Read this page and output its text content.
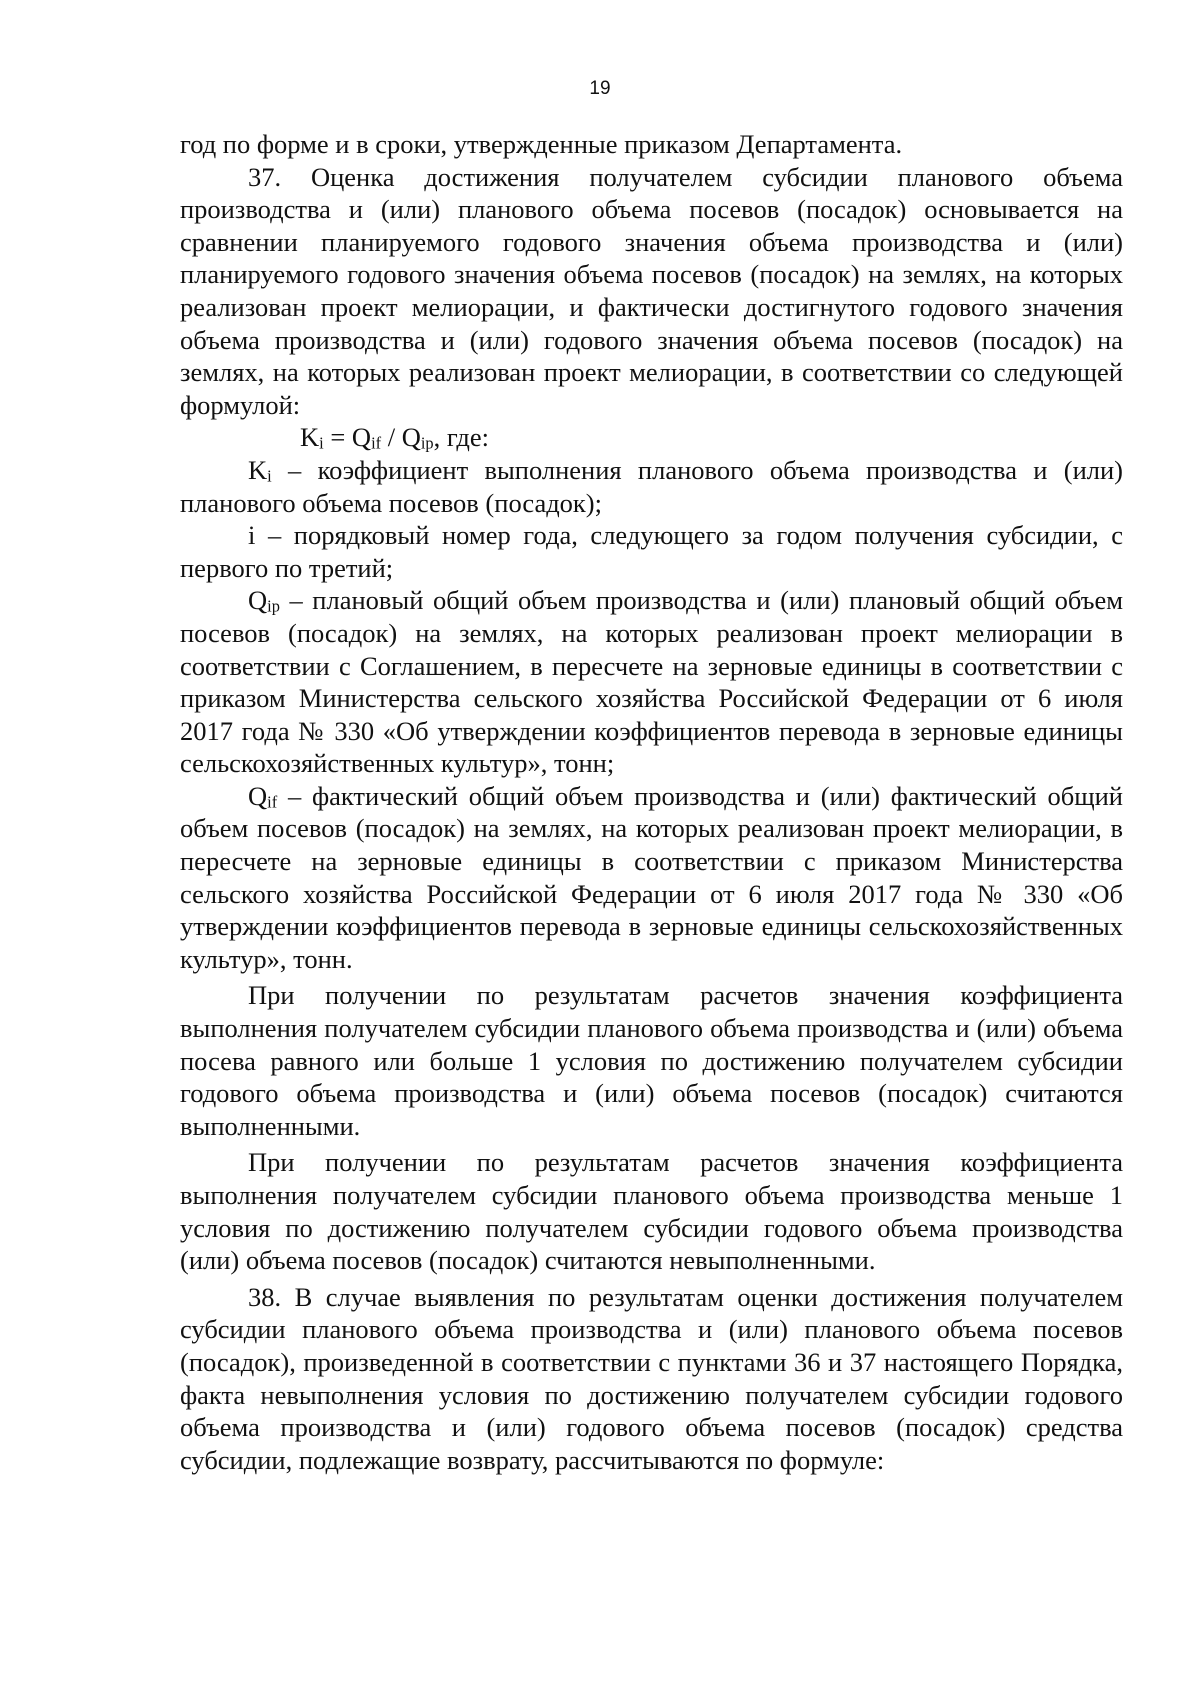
19

год по форме и в сроки, утвержденные приказом Департамента.

37. Оценка достижения получателем субсидии планового объема производства и (или) планового объема посевов (посадок) основывается на сравнении планируемого годового значения объема производства и (или) планируемого годового значения объема посевов (посадок) на землях, на которых реализован проект мелиорации, и фактически достигнутого годового значения объема производства и (или) годового значения объема посевов (посадок) на землях, на которых реализован проект мелиорации, в соответствии со следующей формулой:

$K_i = Q_{if} / Q_{ip}$, где:

$K_i$ – коэффициент выполнения планового объема производства и (или) планового объема посевов (посадок);

i – порядковый номер года, следующего за годом получения субсидии, с первого по третий;

$Q_{ip}$ – плановый общий объем производства и (или) плановый общий объем посевов (посадок) на землях, на которых реализован проект мелиорации в соответствии с Соглашением, в пересчете на зерновые единицы в соответствии с приказом Министерства сельского хозяйства Российской Федерации от 6 июля 2017 года № 330 «Об утверждении коэффициентов перевода в зерновые единицы сельскохозяйственных культур», тонн;

$Q_{if}$ – фактический общий объем производства и (или) фактический общий объем посевов (посадок) на землях, на которых реализован проект мелиорации, в пересчете на зерновые единицы в соответствии с приказом Министерства сельского хозяйства Российской Федерации от 6 июля 2017 года № 330 «Об утверждении коэффициентов перевода в зерновые единицы сельскохозяйственных культур», тонн.

При получении по результатам расчетов значения коэффициента выполнения получателем субсидии планового объема производства и (или) объема посева равного или больше 1 условия по достижению получателем субсидии годового объема производства и (или) объема посевов (посадок) считаются выполненными.

При получении по результатам расчетов значения коэффициента выполнения получателем субсидии планового объема производства меньше 1 условия по достижению получателем субсидии годового объема производства (или) объема посевов (посадок) считаются невыполненными.

38. В случае выявления по результатам оценки достижения получателем субсидии планового объема производства и (или) планового объема посевов (посадок), произведенной в соответствии с пунктами 36 и 37 настоящего Порядка, факта невыполнения условия по достижению получателем субсидии годового объема производства и (или) годового объема посевов (посадок) средства субсидии, подлежащие возврату, рассчитываются по формуле:
